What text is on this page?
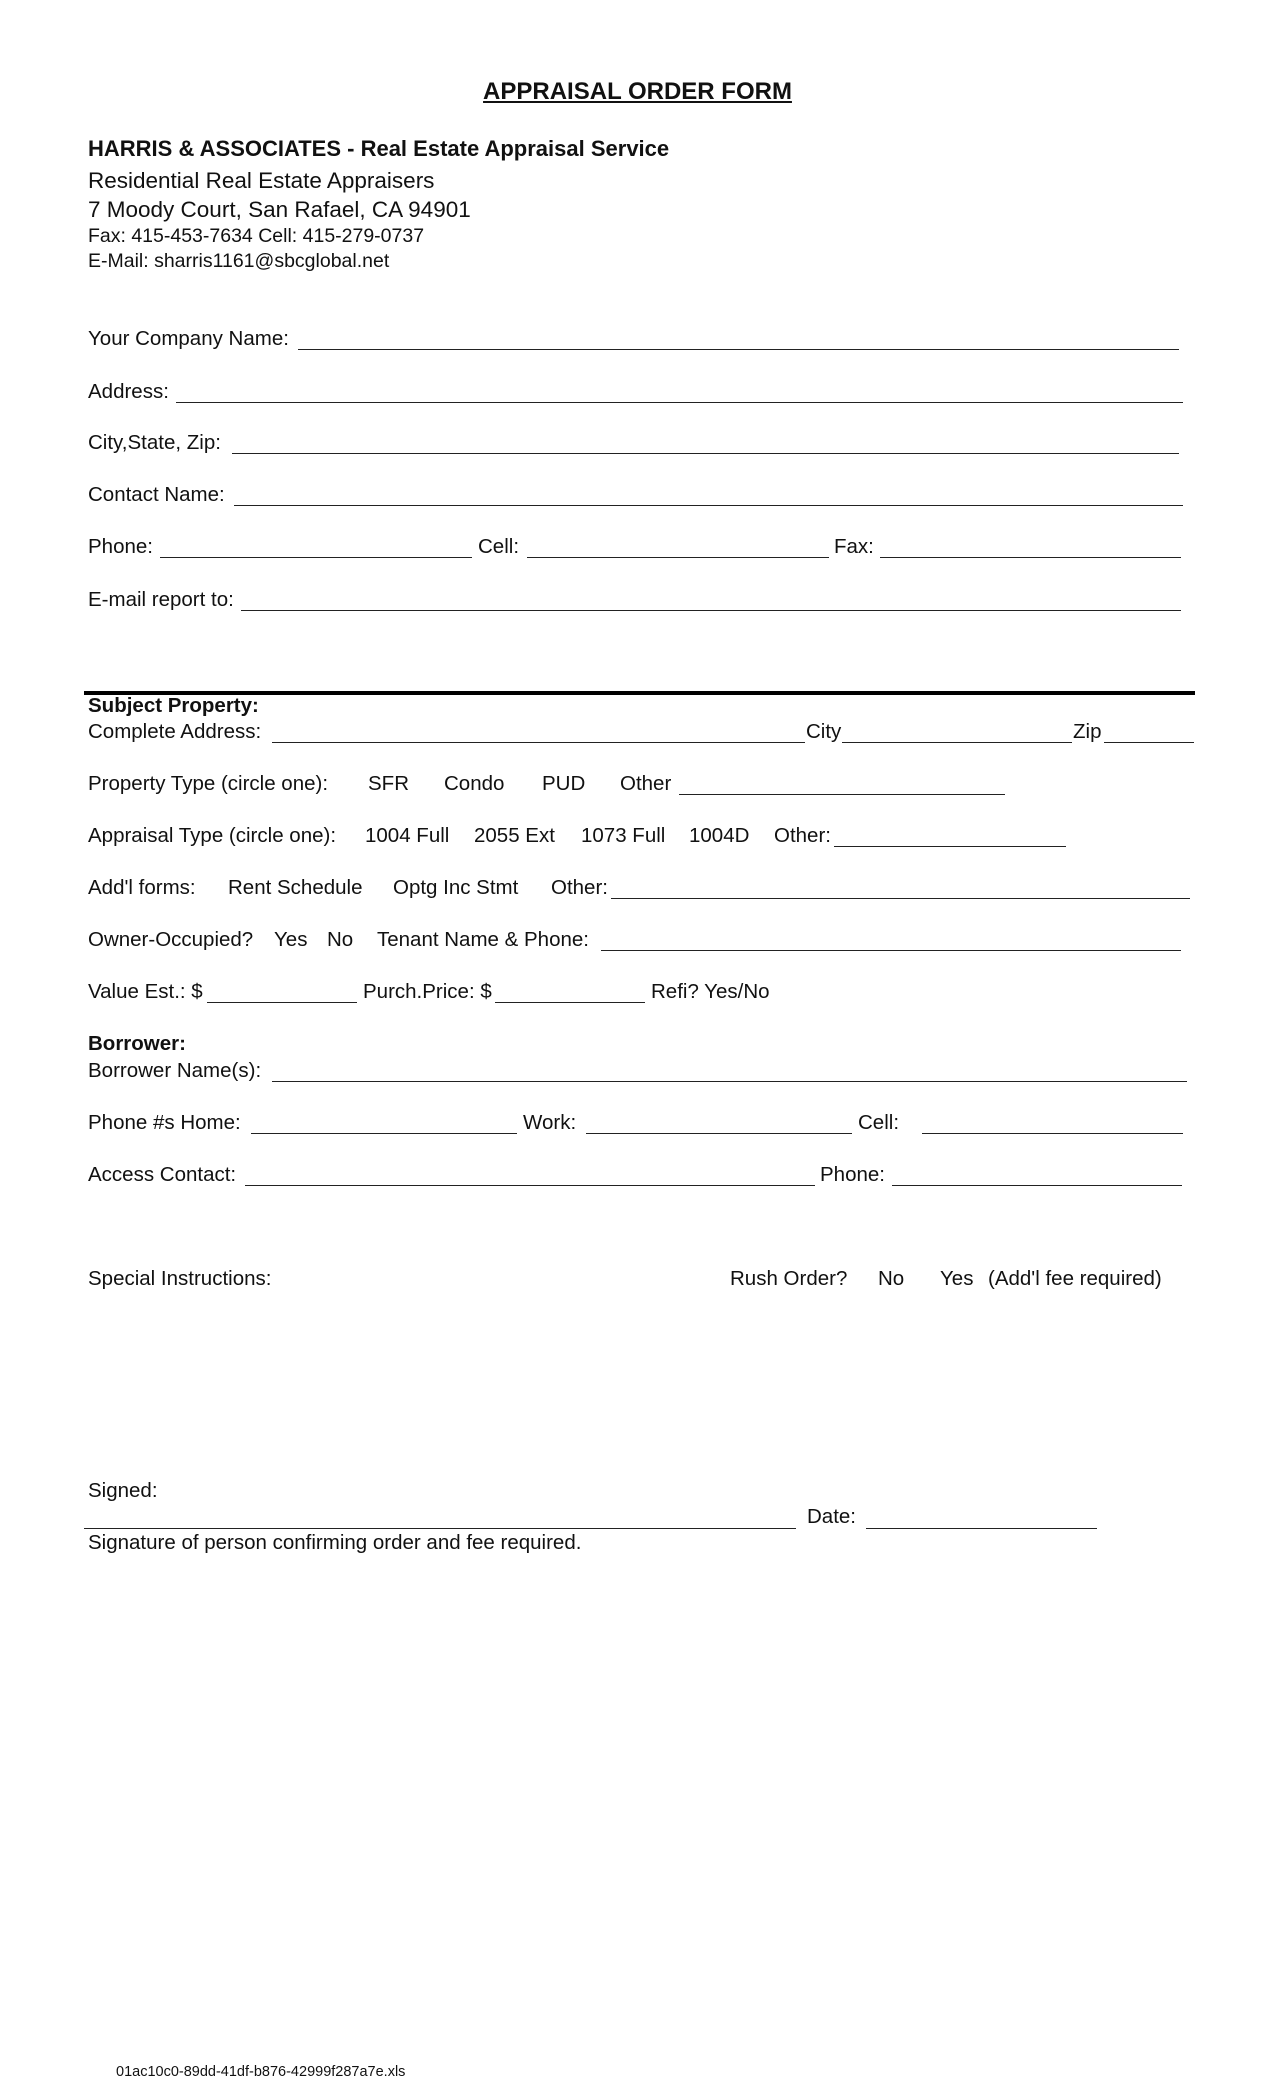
APPRAISAL ORDER FORM
HARRIS & ASSOCIATES - Real Estate Appraisal Service
Residential Real Estate Appraisers
7 Moody Court, San Rafael, CA 94901
Fax: 415-453-7634 Cell: 415-279-0737
E-Mail: sharris1161@sbcglobal.net
Your Company Name:
Address:
City,State, Zip:
Contact Name:
Phone:	Cell:	Fax:
E-mail report to:
Subject Property:
Complete Address:	City	Zip
Property Type (circle one): SFR Condo PUD Other
Appraisal Type (circle one): 1004 Full 2055 Ext 1073 Full 1004D Other:
Add'l forms: Rent Schedule Optg Inc Stmt Other:
Owner-Occupied? Yes No Tenant Name & Phone:
Value Est.: $	Purch.Price: $	Refi? Yes/No
Borrower:
Borrower Name(s):
Phone #s Home:	Work:	Cell:
Access Contact:	Phone:
Special Instructions:	Rush Order? No Yes (Add'l fee required)
Signed:
Date:
Signature of person confirming order and fee required.
01ac10c0-89dd-41df-b876-42999f287a7e.xls
